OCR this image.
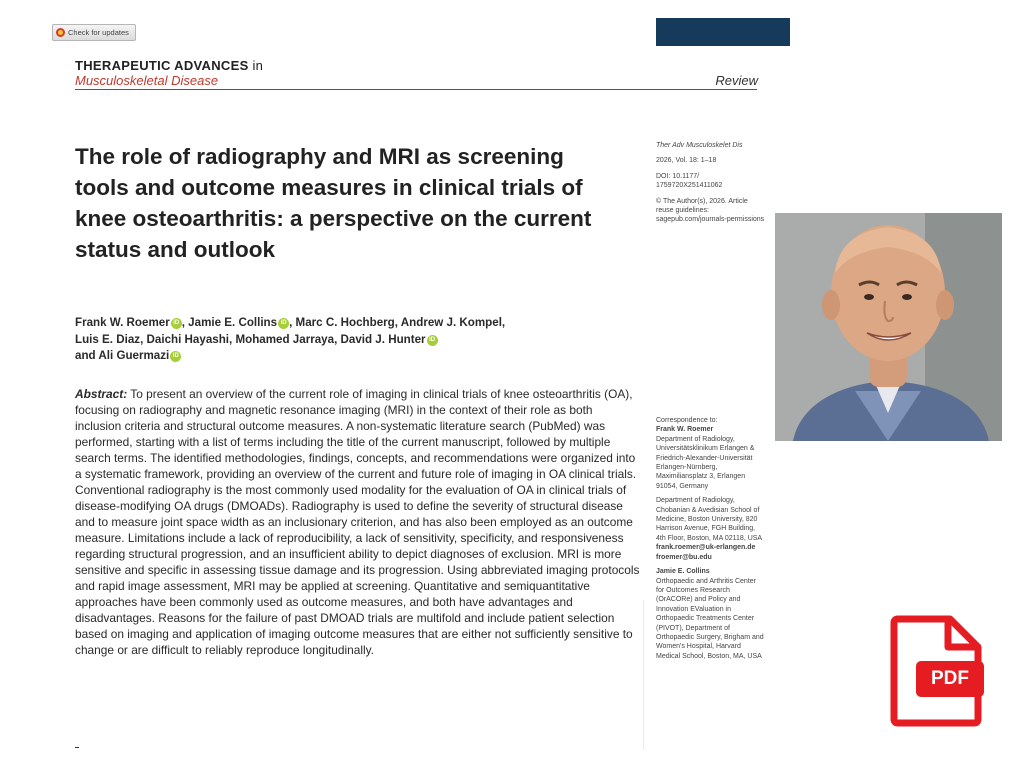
Check for updates
THERAPEUTIC ADVANCES in
Musculoskeletal Disease	Review
The role of radiography and MRI as screening tools and outcome measures in clinical trials of knee osteoarthritis: a perspective on the current status and outlook
Frank W. Roemer iD , Jamie E. Collins iD , Marc C. Hochberg, Andrew J. Kompel,
Luis E. Diaz, Daichi Hayashi, Mohamed Jarraya, David J. Hunter iD
and Ali Guermazi iD
Abstract: To present an overview of the current role of imaging in clinical trials of knee osteoarthritis (OA), focusing on radiography and magnetic resonance imaging (MRI) in the context of their role as both inclusion criteria and structural outcome measures. A non-systematic literature search (PubMed) was performed, starting with a list of terms including the title of the current manuscript, followed by multiple search terms. The identified methodologies, findings, concepts, and recommendations were organized into a systematic framework, providing an overview of the current and future role of imaging in OA clinical trials. Conventional radiography is the most commonly used modality for the evaluation of OA in clinical trials of disease-modifying OA drugs (DMOADs). Radiography is used to define the severity of structural disease and to measure joint space width as an inclusionary criterion, and has also been employed as an outcome measure. Limitations include a lack of reproducibility, a lack of sensitivity, specificity, and responsiveness regarding structural progression, and an insufficient ability to depict diagnoses of exclusion. MRI is more sensitive and specific in assessing tissue damage and its progression. Using abbreviated imaging protocols and rapid image assessment, MRI may be applied at screening. Quantitative and semiquantitative approaches have been commonly used as outcome measures, and both have advantages and disadvantages. Reasons for the failure of past DMOAD trials are multifold and include patient selection based on imaging and application of imaging outcome measures that are either not sufficiently sensitive to change or are difficult to reliably reproduce longitudinally.

Ther Adv Musculoskelet Dis

2026, Vol. 18: 1–18

DOI: 10.1177/ 1759720X251411062

© The Author(s), 2026. Article reuse guidelines: sagepub.com/journals-permissions

Correspondence to:
Frank W. Roemer

Department of Radiology, Universitätsklinikum Erlangen & Friedrich-Alexander-Universität Erlangen-Nürnberg, Maximiliansplatz 3, Erlangen 91054, Germany

Department of Radiology, Chobanian & Avedisian School of Medicine, Boston University, 820 Harrison Avenue, FGH Building, 4th Floor, Boston, MA 02118, USA

frank.roemer@uk-erlangen.de froemer@bu.edu

Jamie E. Collins
Orthopaedic and Arthritis Center for Outcomes Research (OrACORe) and Policy and Innovation EValuation in Orthopaedic Treatments Center (PIVOT), Department of Orthopaedic Surgery, Brigham and Women's Hospital, Harvard Medical School, Boston, MA, USA
PDF
